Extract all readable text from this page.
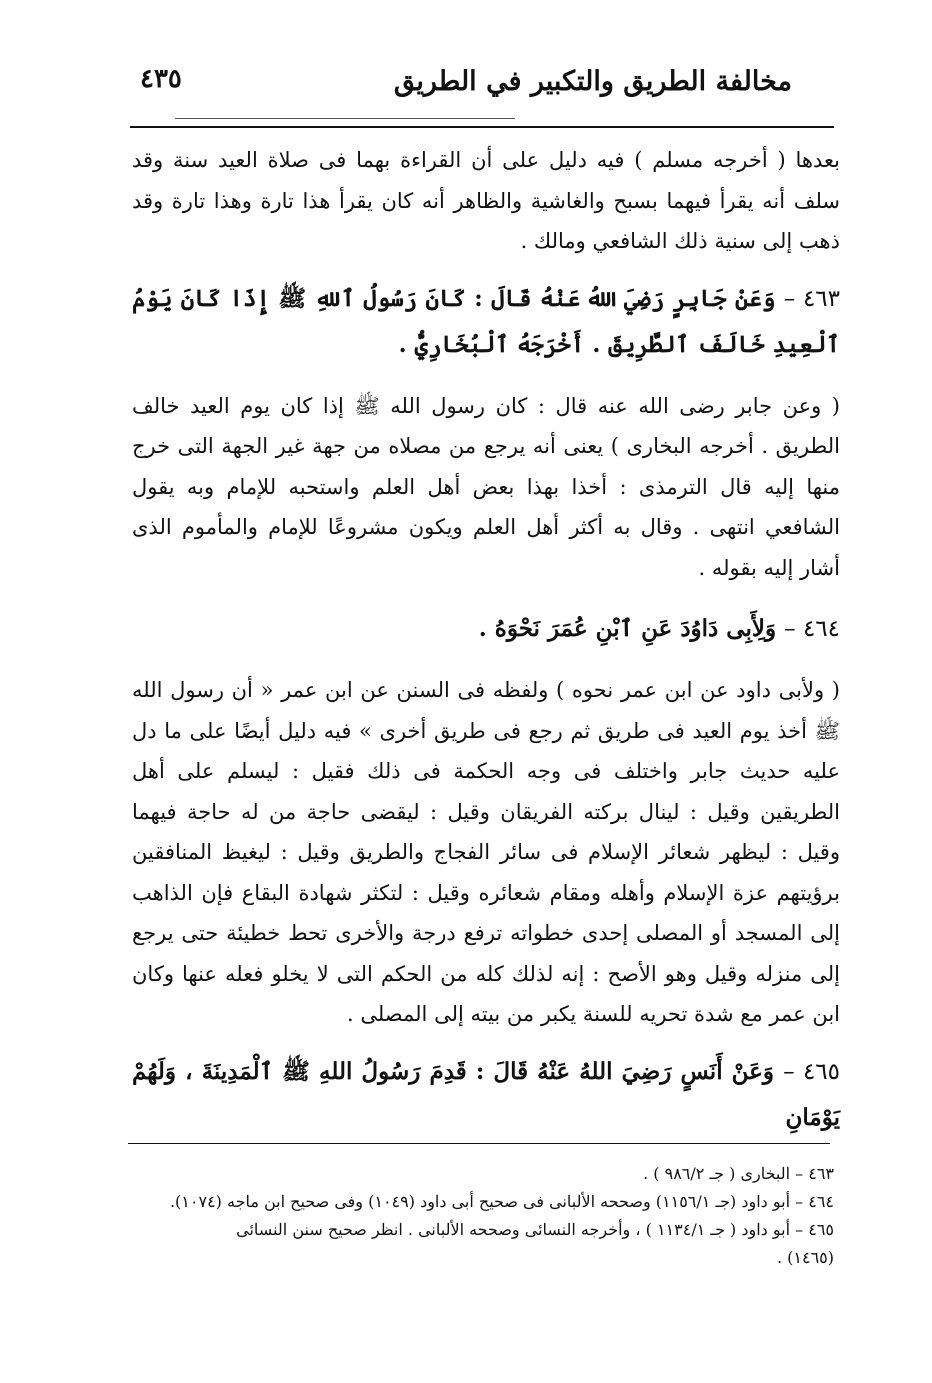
مخالفة الطريق والتكبير في الطريق
٤٣٥

بعدها ( أخرجه مسلم ) فيه دليل على أن القراءة بهما فى صلاة العيد سنة وقد سلف أنه يقرأ فيهما بسبح والغاشية والظاهر أنه كان يقرأ هذا تارة وهذا تارة وقد ذهب إلى سنية ذلك الشافعي ومالك .

٤٦٣ – وَعَنْ جَابِرٍ رَضِيَ اللهُ عَنْهُ قَالَ : كَانَ رَسُولُ ٱللهِ ﷺ إِذَا كَانَ يَوْمُ ٱلْعِيدِ خَالَفَ ٱلطَّرِيقَ . أَخْرَجَهُ ٱلْبُخَارِيُّ .

( وعن جابر رضى الله عنه قال : كان رسول الله ﷺ إذا كان يوم العيد خالف الطريق . أخرجه البخارى ) يعنى أنه يرجع من مصلاه من جهة غير الجهة التى خرج منها إليه قال الترمذى : أخذا بهذا بعض أهل العلم واستحبه للإمام وبه يقول الشافعي انتهى . وقال به أكثر أهل العلم ويكون مشروعًا للإمام والمأموم الذى أشار إليه بقوله .

٤٦٤ – وَلِأَبِى دَاوُدَ عَنِ ٱبْنِ عُمَرَ نَحْوَهُ .

( ولأبى داود عن ابن عمر نحوه ) ولفظه فى السنن عن ابن عمر « أن رسول الله ﷺ أخذ يوم العيد فى طريق ثم رجع فى طريق أخرى » فيه دليل أيضًا على ما دل عليه حديث جابر واختلف فى وجه الحكمة فى ذلك فقيل : ليسلم على أهل الطريقين وقيل : لينال بركته الفريقان وقيل : ليقضى حاجة من له حاجة فيهما وقيل : ليظهر شعائر الإسلام فى سائر الفجاج والطريق وقيل : ليغيظ المنافقين برؤيتهم عزة الإسلام وأهله ومقام شعائره وقيل : لتكثر شهادة البقاع فإن الذاهب إلى المسجد أو المصلى إحدى خطواته ترفع درجة والأخرى تحط خطيئة حتى يرجع إلى منزله وقيل وهو الأصح : إنه لذلك كله من الحكم التى لا يخلو فعله عنها وكان ابن عمر مع شدة تحريه للسنة يكبر من بيته إلى المصلى .

٤٦٥ – وَعَنْ أَنَسٍ رَضِيَ اللهُ عَنْهُ قَالَ : قَدِمَ رَسُولُ اللهِ ﷺ ٱلْمَدِينَةَ ، وَلَهُمْ يَوْمَانِ

٤٦٣ – البخارى ( جـ ٩٨٦/٢ ) .

٤٦٤ – أبو داود (جـ ١١٥٦/١) وصححه الألبانى فى صحيح أبى داود (١٠٤٩) وفى صحيح ابن ماجه (١٠٧٤).

٤٦٥ – أبو داود ( جـ ١١٣٤/١ ) ، وأخرجه النسائى وصححه الألبانى . انظر صحيح سنن النسائى

(١٤٦٥) .
